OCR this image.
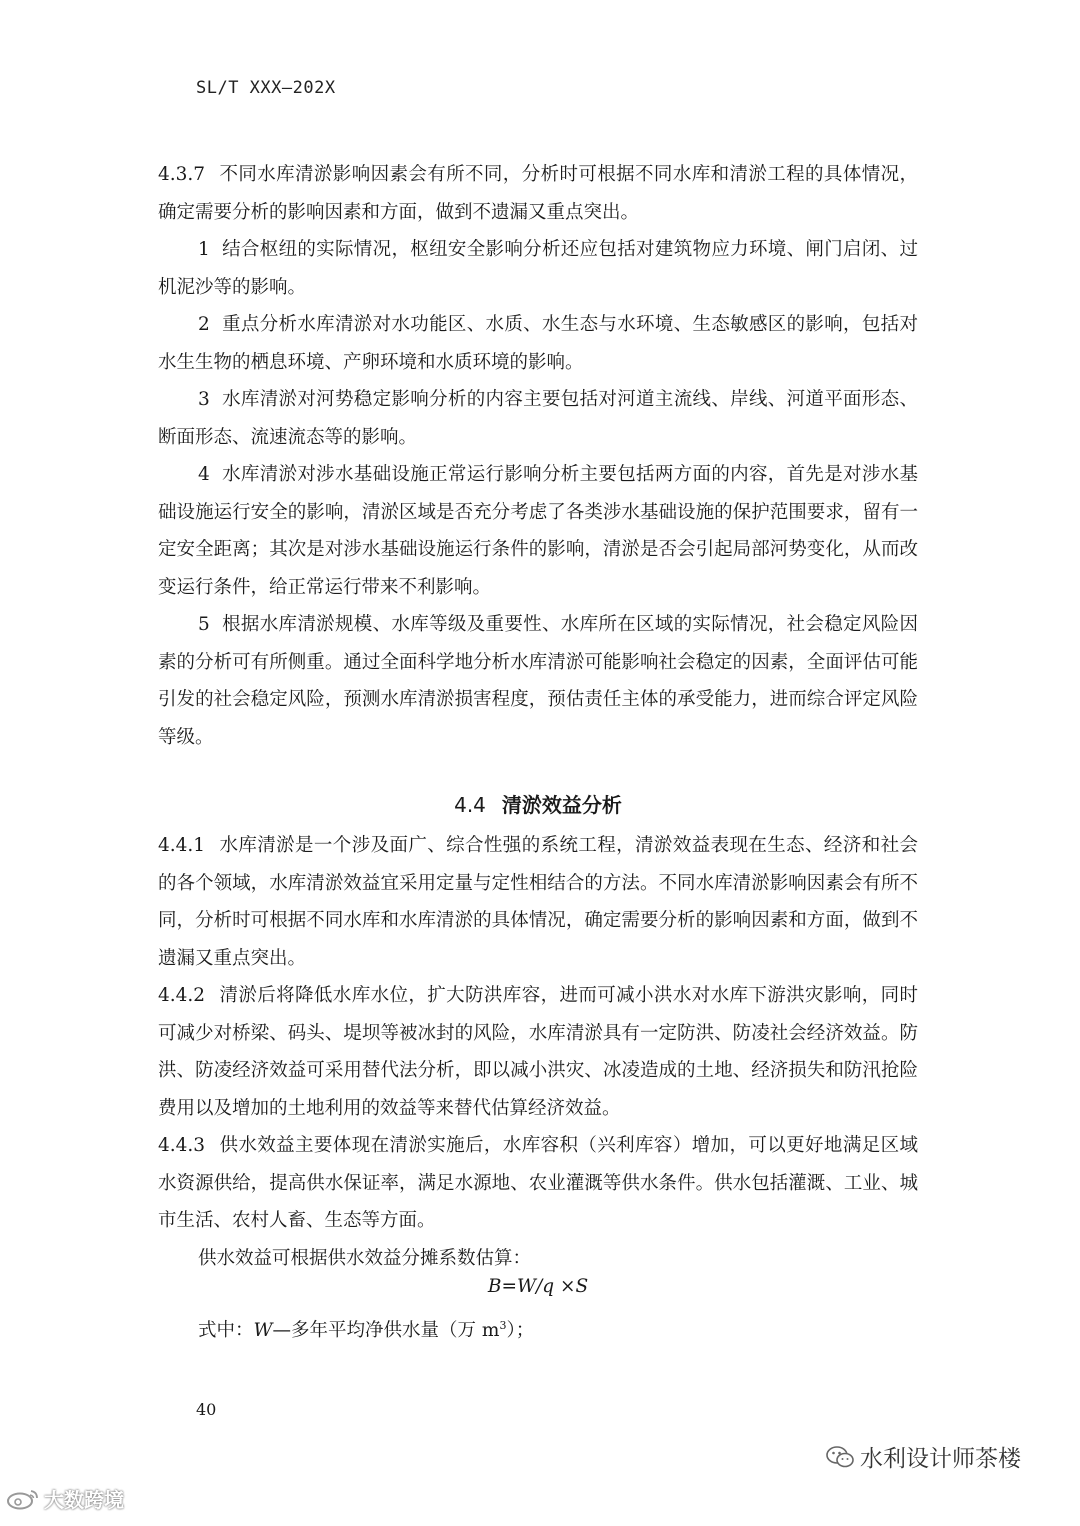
SL/T XXX—202X

4.3.7 不同水库清淤影响因素会有所不同，分析时可根据不同水库和清淤工程的具体情况，确定需要分析的影响因素和方面，做到不遗漏又重点突出。

1 结合枢纽的实际情况，枢纽安全影响分析还应包括对建筑物应力环境、闸门启闭、过机泥沙等的影响。

2 重点分析水库清淤对水功能区、水质、水生态与水环境、生态敏感区的影响，包括对水生生物的栖息环境、产卵环境和水质环境的影响。

3 水库清淤对河势稳定影响分析的内容主要包括对河道主流线、岸线、河道平面形态、断面形态、流速流态等的影响。

4 水库清淤对涉水基础设施正常运行影响分析主要包括两方面的内容，首先是对涉水基础设施运行安全的影响，清淤区域是否充分考虑了各类涉水基础设施的保护范围要求，留有一定安全距离；其次是对涉水基础设施运行条件的影响，清淤是否会引起局部河势变化，从而改变运行条件，给正常运行带来不利影响。

5 根据水库清淤规模、水库等级及重要性、水库所在区域的实际情况，社会稳定风险因素的分析可有所侧重。通过全面科学地分析水库清淤可能影响社会稳定的因素，全面评估可能引发的社会稳定风险，预测水库清淤损害程度，预估责任主体的承受能力，进而综合评定风险等级。

4.4 清淤效益分析

4.4.1 水库清淤是一个涉及面广、综合性强的系统工程，清淤效益表现在生态、经济和社会的各个领域，水库清淤效益宜采用定量与定性相结合的方法。不同水库清淤影响因素会有所不同，分析时可根据不同水库和水库清淤的具体情况，确定需要分析的影响因素和方面，做到不遗漏又重点突出。

4.4.2 清淤后将降低水库水位，扩大防洪库容，进而可减小洪水对水库下游洪灾影响，同时可减少对桥梁、码头、堤坝等被冰封的风险，水库清淤具有一定防洪、防凌社会经济效益。防洪、防凌经济效益可采用替代法分析，即以减小洪灾、冰凌造成的土地、经济损失和防汛抢险费用以及增加的土地利用的效益等来替代估算经济效益。

4.4.3 供水效益主要体现在清淤实施后，水库容积（兴利库容）增加，可以更好地满足区域水资源供给，提高供水保证率，满足水源地、农业灌溉等供水条件。供水包括灌溉、工业、城市生活、农村人畜、生态等方面。

供水效益可根据供水效益分摊系数估算：

B=W/q ×S
式中：W—多年平均净供水量（万 $m^3$）；
40
水利设计师茶楼
大数跨境
